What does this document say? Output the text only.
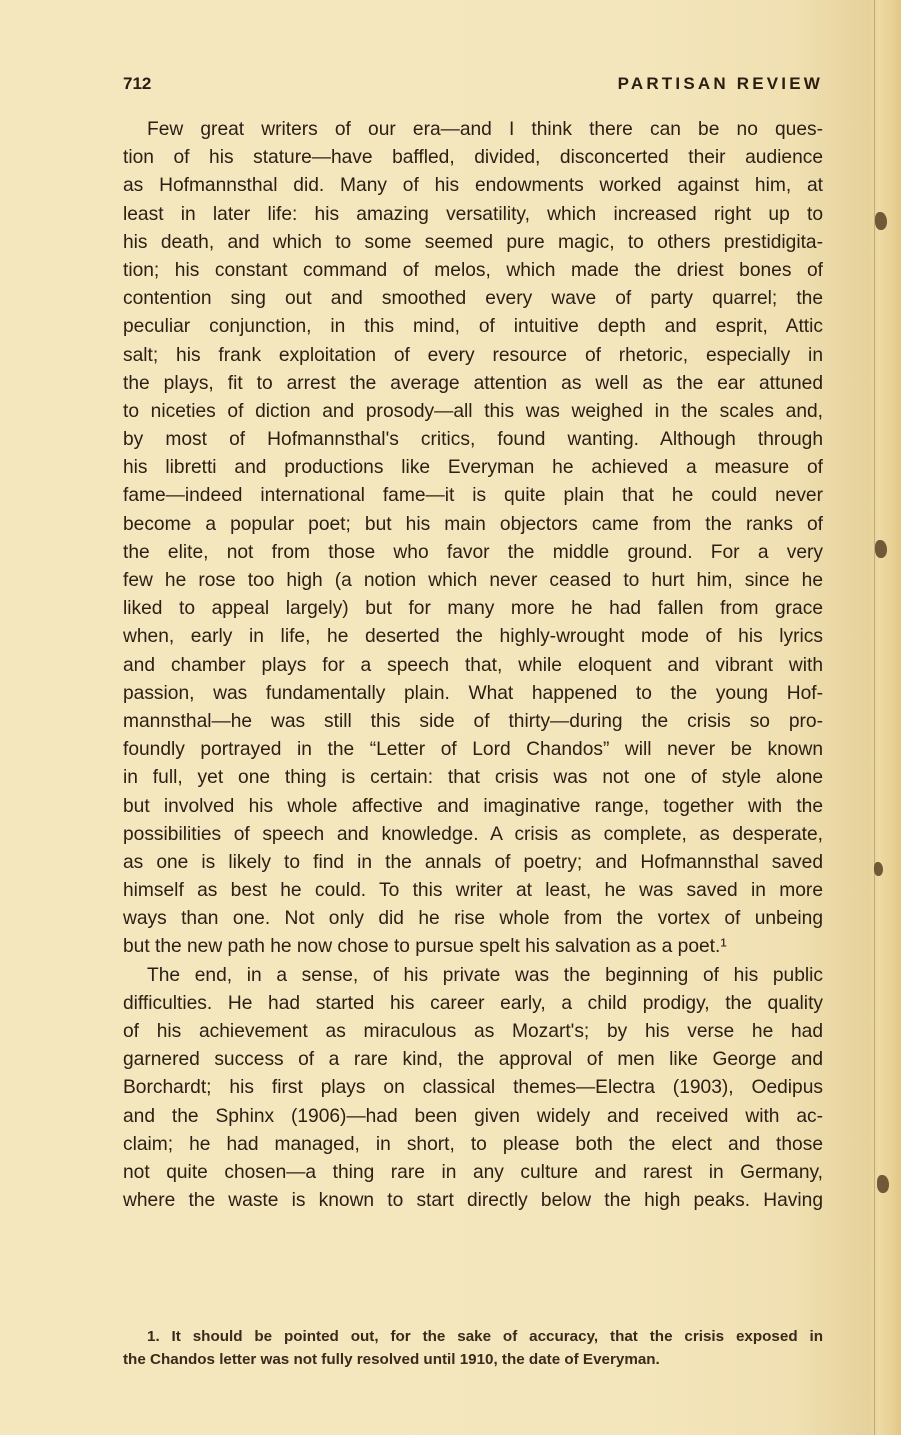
712	PARTISAN REVIEW
Few great writers of our era—and I think there can be no ques-
tion of his stature—have baffled, divided, disconcerted their audience
as Hofmannsthal did. Many of his endowments worked against him, at
least in later life: his amazing versatility, which increased right up to
his death, and which to some seemed pure magic, to others prestidigita-
tion; his constant command of melos, which made the driest bones of
contention sing out and smoothed every wave of party quarrel; the
peculiar conjunction, in this mind, of intuitive depth and esprit, Attic
salt; his frank exploitation of every resource of rhetoric, especially in
the plays, fit to arrest the average attention as well as the ear attuned
to niceties of diction and prosody—all this was weighed in the scales and,
by most of Hofmannsthal's critics, found wanting. Although through
his libretti and productions like Everyman he achieved a measure of
fame—indeed international fame—it is quite plain that he could never
become a popular poet; but his main objectors came from the ranks of
the elite, not from those who favor the middle ground. For a very
few he rose too high (a notion which never ceased to hurt him, since he
liked to appeal largely) but for many more he had fallen from grace
when, early in life, he deserted the highly-wrought mode of his lyrics
and chamber plays for a speech that, while eloquent and vibrant with
passion, was fundamentally plain. What happened to the young Hof-
mannsthal—he was still this side of thirty—during the crisis so pro-
foundly portrayed in the “Letter of Lord Chandos” will never be known
in full, yet one thing is certain: that crisis was not one of style alone
but involved his whole affective and imaginative range, together with the
possibilities of speech and knowledge. A crisis as complete, as desperate,
as one is likely to find in the annals of poetry; and Hofmannsthal saved
himself as best he could. To this writer at least, he was saved in more
ways than one. Not only did he rise whole from the vortex of unbeing
but the new path he now chose to pursue spelt his salvation as a poet.¹
The end, in a sense, of his private was the beginning of his public
difficulties. He had started his career early, a child prodigy, the quality
of his achievement as miraculous as Mozart's; by his verse he had
garnered success of a rare kind, the approval of men like George and
Borchardt; his first plays on classical themes—Electra (1903), Oedipus
and the Sphinx (1906)—had been given widely and received with ac-
claim; he had managed, in short, to please both the elect and those
not quite chosen—a thing rare in any culture and rarest in Germany,
where the waste is known to start directly below the high peaks. Having
1. It should be pointed out, for the sake of accuracy, that the crisis exposed in
the Chandos letter was not fully resolved until 1910, the date of Everyman.
